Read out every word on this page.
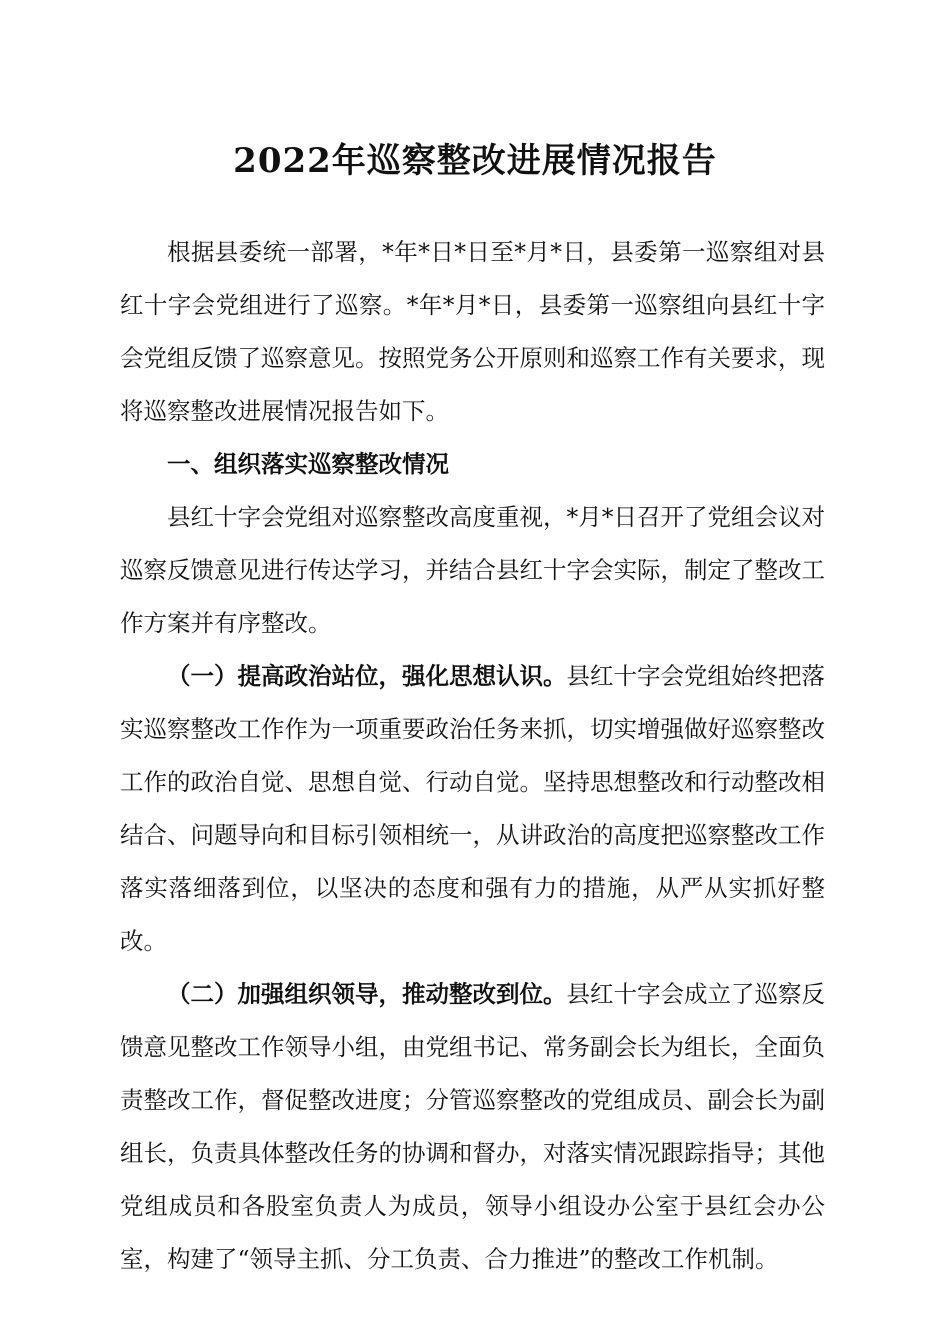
2022年巡察整改进展情况报告

根据县委统一部署，*年*日*日至*月*日，县委第一巡察组对县红十字会党组进行了巡察。*年*月*日，县委第一巡察组向县红十字会党组反馈了巡察意见。按照党务公开原则和巡察工作有关要求，现将巡察整改进展情况报告如下。

一、组织落实巡察整改情况

县红十字会党组对巡察整改高度重视，*月*日召开了党组会议对巡察反馈意见进行传达学习，并结合县红十字会实际，制定了整改工作方案并有序整改。

（一）提高政治站位，强化思想认识。县红十字会党组始终把落实巡察整改工作作为一项重要政治任务来抓，切实增强做好巡察整改工作的政治自觉、思想自觉、行动自觉。坚持思想整改和行动整改相结合、问题导向和目标引领相统一，从讲政治的高度把巡察整改工作落实落细落到位，以坚决的态度和强有力的措施，从严从实抓好整改。

（二）加强组织领导，推动整改到位。县红十字会成立了巡察反馈意见整改工作领导小组，由党组书记、常务副会长为组长，全面负责整改工作，督促整改进度；分管巡察整改的党组成员、副会长为副组长，负责具体整改任务的协调和督办，对落实情况跟踪指导；其他党组成员和各股室负责人为成员，领导小组设办公室于县红会办公室，构建了“领导主抓、分工负责、合力推进”的整改工作机制。
